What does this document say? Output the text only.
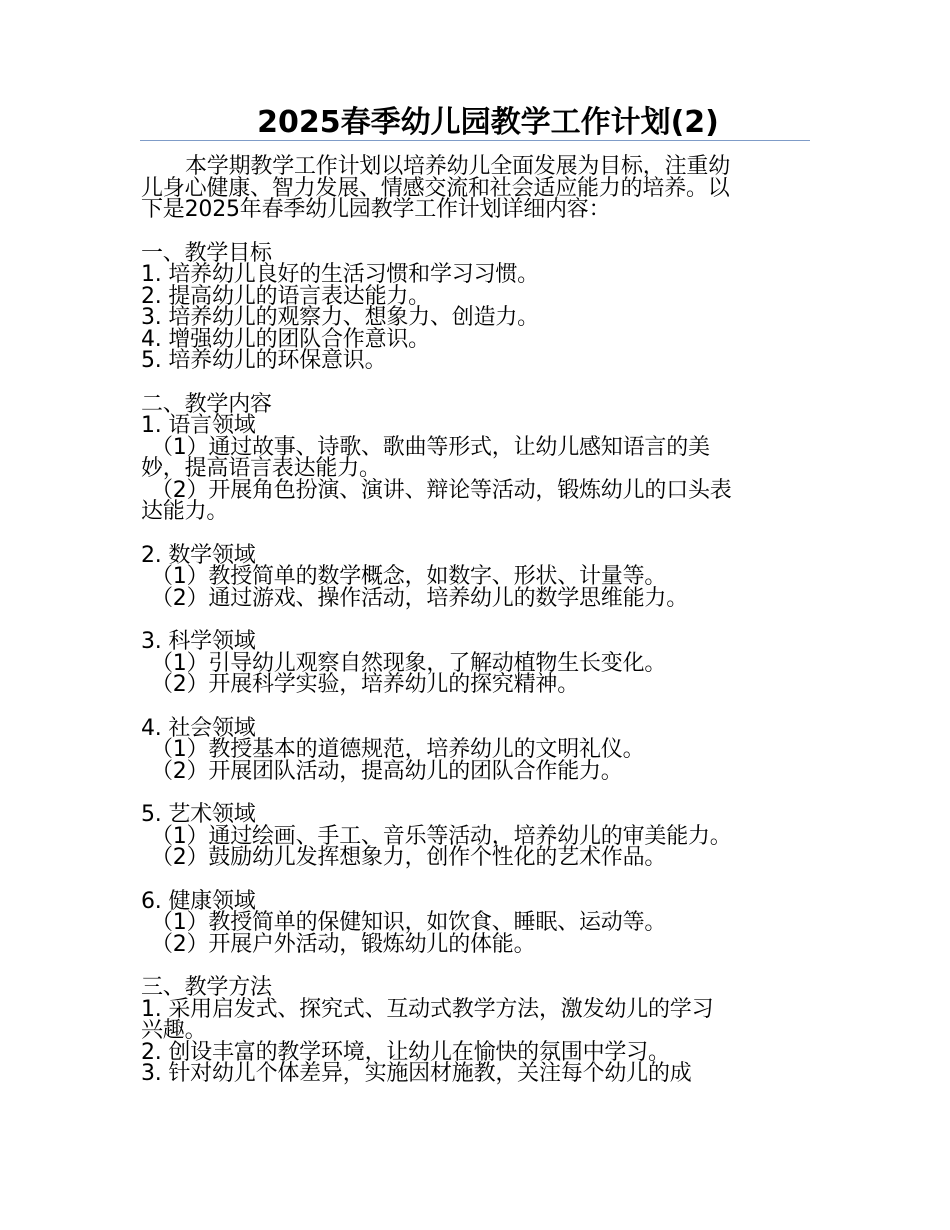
2025春季幼儿园教学工作计划(2)

本学期教学工作计划以培养幼儿全面发展为目标，注重幼

儿身心健康、智力发展、情感交流和社会适应能力的培养。以

下是2025年春季幼儿园教学工作计划详细内容：

一、教学目标

1. 培养幼儿良好的生活习惯和学习习惯。

2. 提高幼儿的语言表达能力。

3. 培养幼儿的观察力、想象力、创造力。

4. 增强幼儿的团队合作意识。

5. 培养幼儿的环保意识。

二、教学内容

1. 语言领域

（1）通过故事、诗歌、歌曲等形式，让幼儿感知语言的美

妙，提高语言表达能力。

（2）开展角色扮演、演讲、辩论等活动，锻炼幼儿的口头表

达能力。

2. 数学领域

（1）教授简单的数学概念，如数字、形状、计量等。

（2）通过游戏、操作活动，培养幼儿的数学思维能力。

3. 科学领域

（1）引导幼儿观察自然现象，了解动植物生长变化。

（2）开展科学实验，培养幼儿的探究精神。

4. 社会领域

（1）教授基本的道德规范，培养幼儿的文明礼仪。

（2）开展团队活动，提高幼儿的团队合作能力。

5. 艺术领域

（1）通过绘画、手工、音乐等活动，培养幼儿的审美能力。

（2）鼓励幼儿发挥想象力，创作个性化的艺术作品。

6. 健康领域

（1）教授简单的保健知识，如饮食、睡眠、运动等。

（2）开展户外活动，锻炼幼儿的体能。

三、教学方法

1. 采用启发式、探究式、互动式教学方法，激发幼儿的学习

兴趣。

2. 创设丰富的教学环境，让幼儿在愉快的氛围中学习。

3. 针对幼儿个体差异，实施因材施教，关注每个幼儿的成
